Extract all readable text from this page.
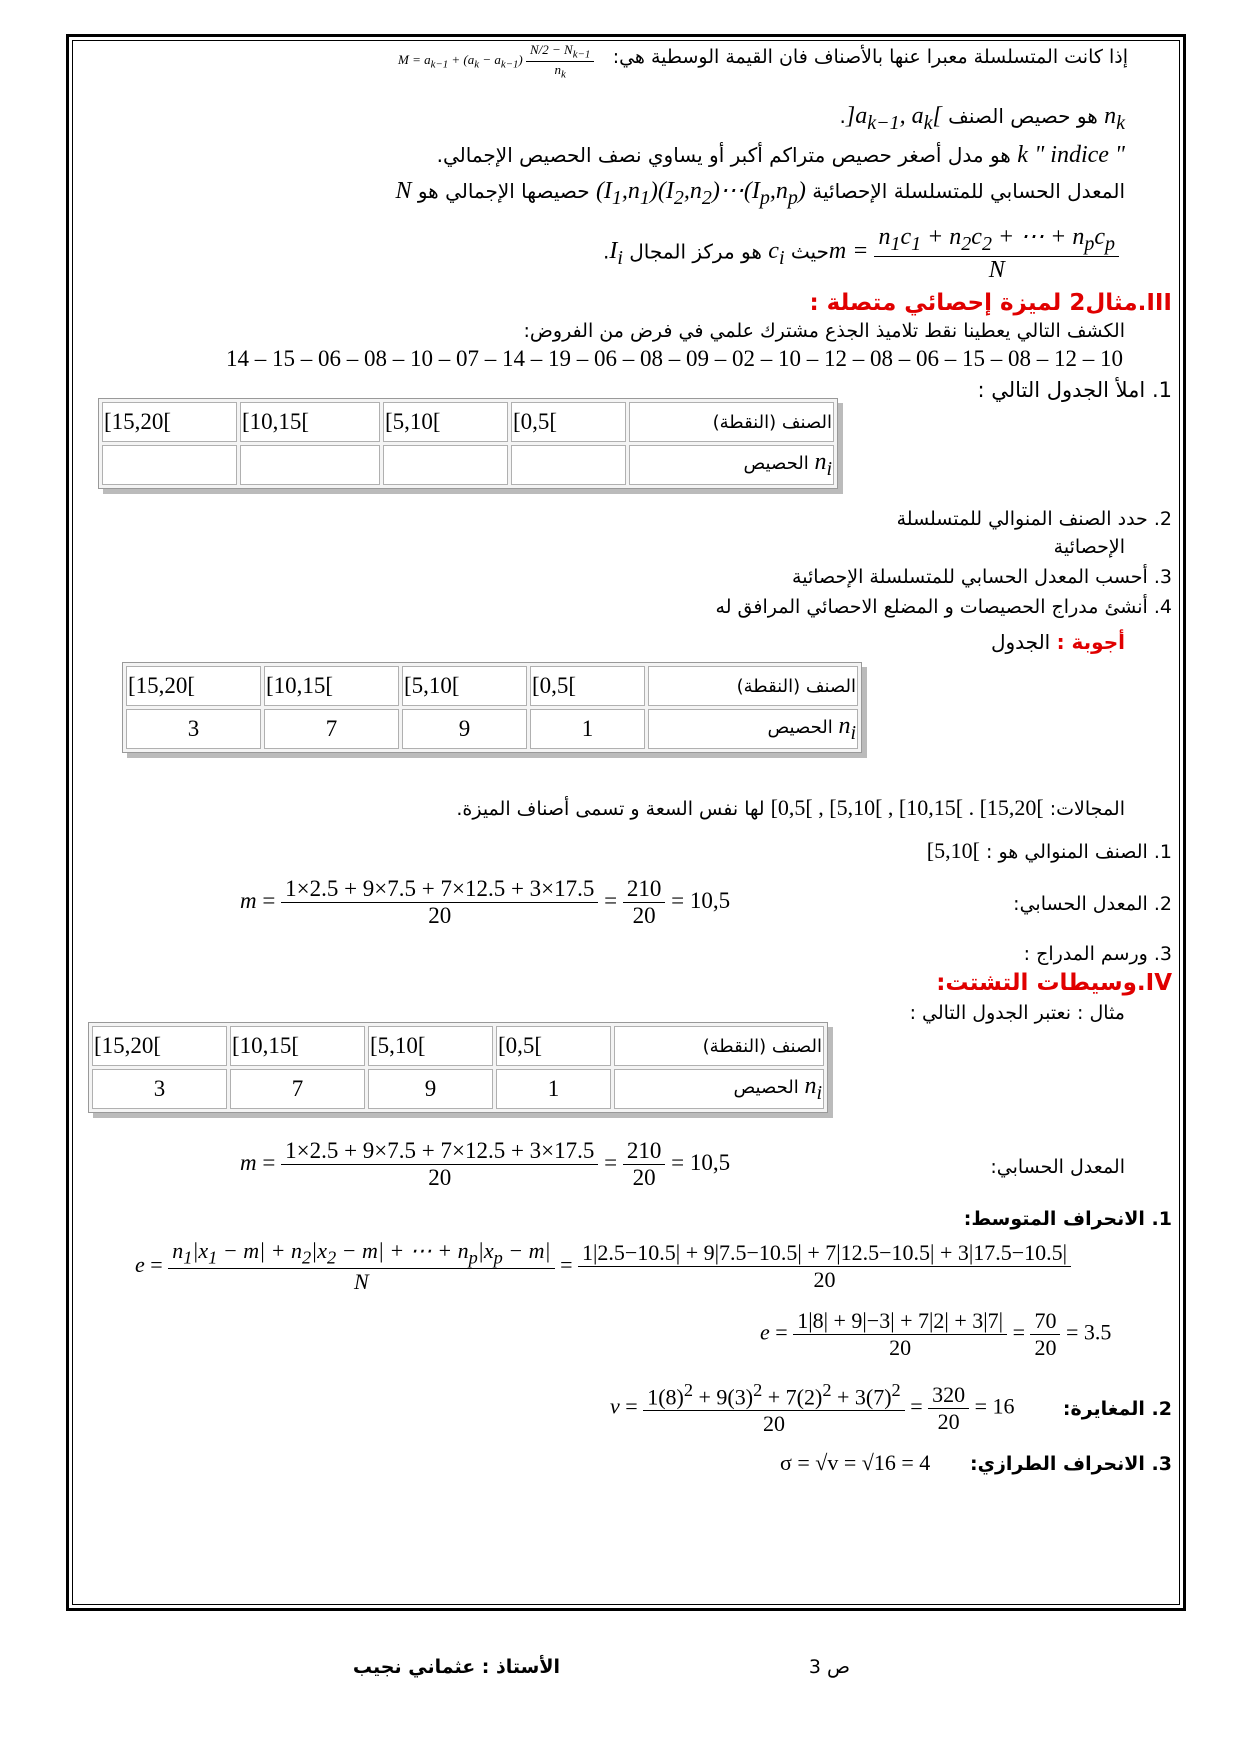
إذا كانت المتسلسلة معبرا عنها بالأصناف فان القيمة الوسطية هي:
$M = a_{k-1} + (a_k - a_{k-1}) \frac{N/2 - N_{k-1}}{n_k}$
$n_k$ هو حصيص الصنف ]$a_{k-1}$, $a_k$[.
" indice " k هو مدل أصغر حصيص متراكم أكبر أو يساوي نصف الحصيص الإجمالي.
المعدل الحسابي للمتسلسلة الإحصائية $(I_1,n_1)(I_2,n_2)\cdots(I_p,n_p)$ حصيصها الإجمالي هو N
$m = \frac{n_1c_1 + n_2c_2 + \cdots + n_pc_p}{N}$
حيث $c_i$ هو مركز المجال $I_i$.
III.مثال2 لميزة إحصائي متصلة :
الكشف التالي يعطينا نقط تلاميذ الجذع مشترك علمي في فرض من الفروض:
14 – 15 – 06 – 08 – 10 – 07 – 14 – 19 – 06 – 08 – 09 – 02 – 10 – 12 – 08 – 06 – 15 – 08 – 12 – 10
1. املأ الجدول التالي :
[15,20[	[10,15[	[5,10[	[0,5[	الصنف (النقطة)
				$n_i$ الحصيص
2. حدد الصنف المنوالي للمتسلسلة
الإحصائية
3. أحسب المعدل الحسابي للمتسلسلة الإحصائية
4. أنشئ مدراج الحصيصات و المضلع الاحصائي المرافق له
أجوبة : الجدول
[15,20[	[10,15[	[5,10[	[0,5[	الصنف (النقطة)
3	7	9	1	$n_i$ الحصيص
المجالات: [0,5[ , [5,10[ , [10,15[ . [15,20[ لها نفس السعة و تسمى أصناف الميزة.
1. الصنف المنوالي هو : [5,10[
2. المعدل الحسابي:
$m = \frac{1\times 2.5 + 9\times 7.5 + 7\times 12.5 + 3\times 17.5}{20} = \frac{210}{20} = 10,5$
3. ورسم المدراج :
IV.وسيطات التشتت:
مثال : نعتبر الجدول التالي :
[15,20[	[10,15[	[5,10[	[0,5[	الصنف (النقطة)
3	7	9	1	$n_i$ الحصيص
المعدل الحسابي:
$m = \frac{1\times 2.5 + 9\times 7.5 + 7\times 12.5 + 3\times 17.5}{20} = \frac{210}{20} = 10,5$
1. الانحراف المتوسط:
$e = \frac{n_1|x_1 - m| + n_2|x_2 - m| + \cdots + n_p|x_p - m|}{N} = \frac{1|2.5-10.5| + 9|7.5-10.5| + 7|12.5-10.5| + 3|17.5-10.5|}{20}$
$e = \frac{1|8| + 9|-3| + 7|2| + 3|7|}{20} = \frac{70}{20} = 3.5$
2. المغايرة:
$v = \frac{1(8)^2 + 9(3)^2 + 7(2)^2 + 3(7)^2}{20} = \frac{320}{20} = 16$
3. الانحراف الطرازي:
σ = √v = √16 = 4
الأستاذ : عثماني نجيب	ص 3
